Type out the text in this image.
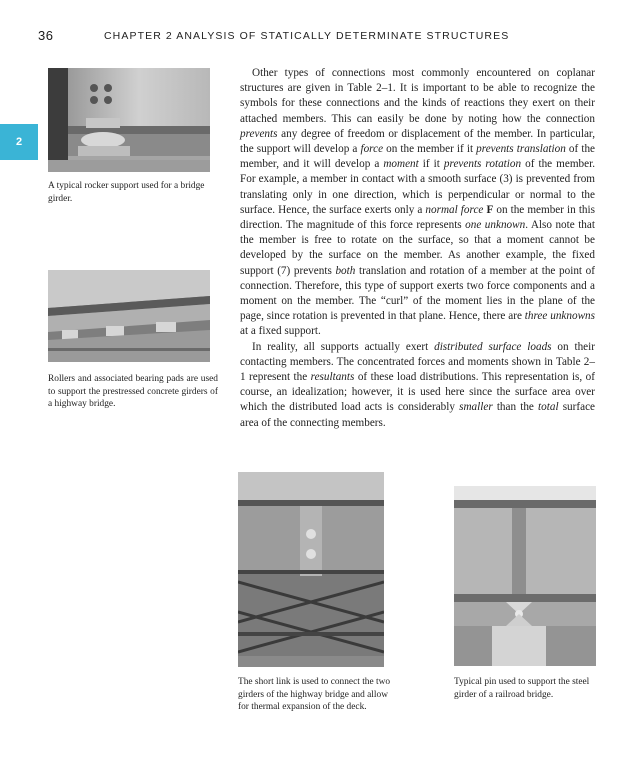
36	CHAPTER 2 ANALYSIS OF STATICALLY DETERMINATE STRUCTURES
2
A typical rocker support used for a bridge girder.
Rollers and associated bearing pads are used to support the prestressed concrete girders of a highway bridge.

Other types of connections most commonly encountered on coplanar structures are given in Table 2–1. It is important to be able to recognize the symbols for these connections and the kinds of reactions they exert on their attached members. This can easily be done by noting how the connection prevents any degree of freedom or displacement of the member. In particular, the support will develop a force on the member if it prevents translation of the member, and it will develop a moment if it prevents rotation of the member. For example, a member in contact with a smooth surface (3) is prevented from translating only in one direction, which is perpendicular or normal to the surface. Hence, the surface exerts only a normal force F on the member in this direction. The magnitude of this force represents one unknown. Also note that the member is free to rotate on the surface, so that a moment cannot be developed by the surface on the member. As another example, the fixed support (7) prevents both translation and rotation of a member at the point of connection. Therefore, this type of support exerts two force components and a moment on the member. The “curl” of the moment lies in the plane of the page, since rotation is prevented in that plane. Hence, there are three unknowns at a fixed support.

In reality, all supports actually exert distributed surface loads on their contacting members. The concentrated forces and moments shown in Table 2–1 represent the resultants of these load distributions. This representation is, of course, an idealization; however, it is used here since the surface area over which the distributed load acts is considerably smaller than the total surface area of the connecting members.

The short link is used to connect the two girders of the highway bridge and allow for thermal expansion of the deck.
Typical pin used to support the steel girder of a railroad bridge.
